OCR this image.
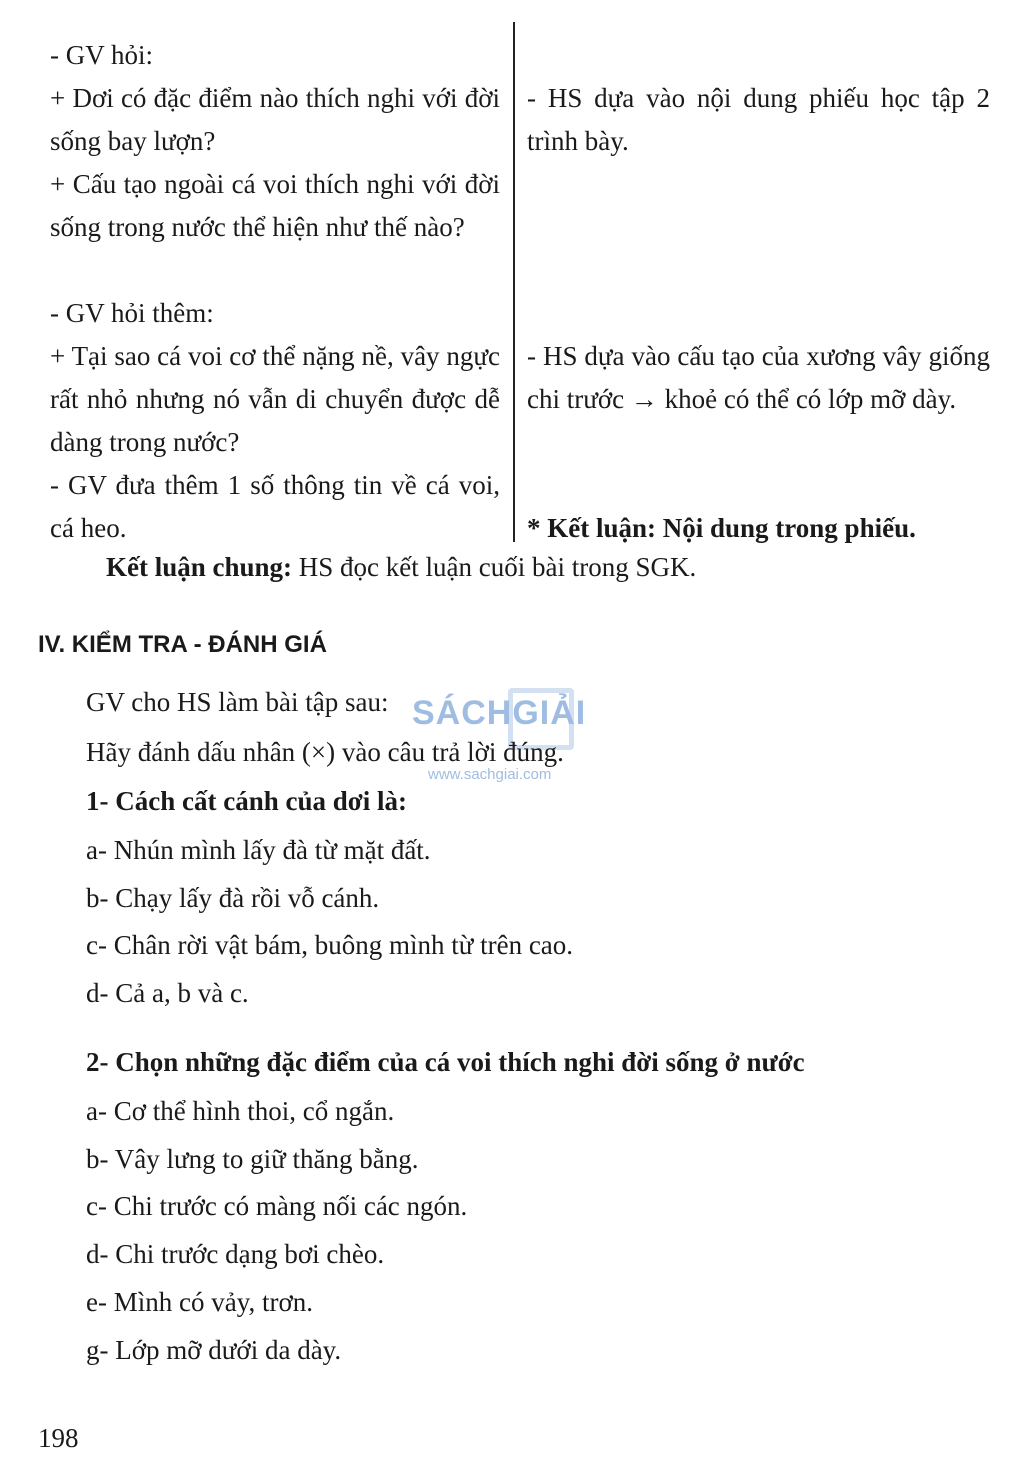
- GV hỏi:
+ Dơi có đặc điểm nào thích nghi với đời sống bay lượn?
+ Cấu tạo ngoài cá voi thích nghi với đời sống trong nước thể hiện như thế nào?
- GV hỏi thêm:
+ Tại sao cá voi cơ thể nặng nề, vây ngực rất nhỏ nhưng nó vẫn di chuyển được dễ dàng trong nước?
- GV đưa thêm 1 số thông tin về cá voi, cá heo.
- HS dựa vào nội dung phiếu học tập 2 trình bày.
- HS dựa vào cấu tạo của xương vây giống chi trước → khoẻ có thể có lớp mỡ dày.
* Kết luận: Nội dung trong phiếu.
Kết luận chung: HS đọc kết luận cuối bài trong SGK.
IV. KIỂM TRA - ĐÁNH GIÁ
SÁCHGIẢI
www.sachgiai.com
GV cho HS làm bài tập sau:
Hãy đánh dấu nhân (×) vào câu trả lời đúng.
1- Cách cất cánh của dơi là:
a- Nhún mình lấy đà từ mặt đất.
b- Chạy lấy đà rồi vỗ cánh.
c- Chân rời vật bám, buông mình từ trên cao.
d- Cả a, b và c.
2- Chọn những đặc điểm của cá voi thích nghi đời sống ở nước
a- Cơ thể hình thoi, cổ ngắn.
b- Vây lưng to giữ thăng bằng.
c- Chi trước có màng nối các ngón.
d- Chi trước dạng bơi chèo.
e- Mình có vảy, trơn.
g- Lớp mỡ dưới da dày.
198
